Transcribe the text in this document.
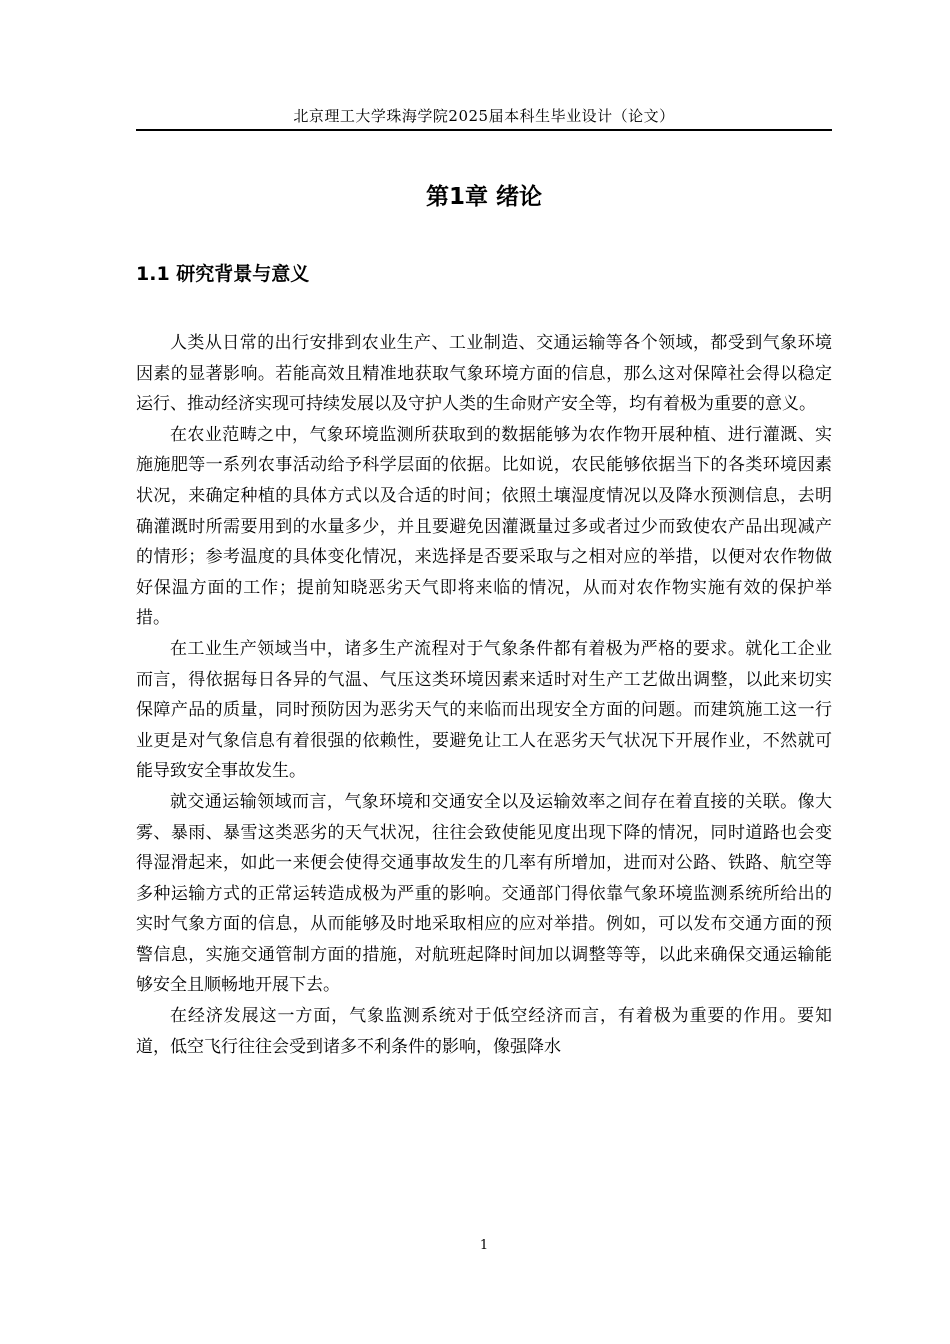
北京理工大学珠海学院2025届本科生毕业设计（论文）
第1章 绪论
1.1 研究背景与意义

人类从日常的出行安排到农业生产、工业制造、交通运输等各个领域，都受到气象环境因素的显著影响。若能高效且精准地获取气象环境方面的信息，那么这对保障社会得以稳定运行、推动经济实现可持续发展以及守护人类的生命财产安全等，均有着极为重要的意义。

在农业范畴之中，气象环境监测所获取到的数据能够为农作物开展种植、进行灌溉、实施施肥等一系列农事活动给予科学层面的依据。比如说，农民能够依据当下的各类环境因素状况，来确定种植的具体方式以及合适的时间；依照土壤湿度情况以及降水预测信息，去明确灌溉时所需要用到的水量多少，并且要避免因灌溉量过多或者过少而致使农产品出现减产的情形；参考温度的具体变化情况，来选择是否要采取与之相对应的举措，以便对农作物做好保温方面的工作；提前知晓恶劣天气即将来临的情况，从而对农作物实施有效的保护举措。

在工业生产领域当中，诸多生产流程对于气象条件都有着极为严格的要求。就化工企业而言，得依据每日各异的气温、气压这类环境因素来适时对生产工艺做出调整，以此来切实保障产品的质量，同时预防因为恶劣天气的来临而出现安全方面的问题。而建筑施工这一行业更是对气象信息有着很强的依赖性，要避免让工人在恶劣天气状况下开展作业，不然就可能导致安全事故发生。

就交通运输领域而言，气象环境和交通安全以及运输效率之间存在着直接的关联。像大雾、暴雨、暴雪这类恶劣的天气状况，往往会致使能见度出现下降的情况，同时道路也会变得湿滑起来，如此一来便会使得交通事故发生的几率有所增加，进而对公路、铁路、航空等多种运输方式的正常运转造成极为严重的影响。交通部门得依靠气象环境监测系统所给出的实时气象方面的信息，从而能够及时地采取相应的应对举措。例如，可以发布交通方面的预警信息，实施交通管制方面的措施，对航班起降时间加以调整等等，以此来确保交通运输能够安全且顺畅地开展下去。

在经济发展这一方面，气象监测系统对于低空经济而言，有着极为重要的作用。要知道，低空飞行往往会受到诸多不利条件的影响，像强降水

1
